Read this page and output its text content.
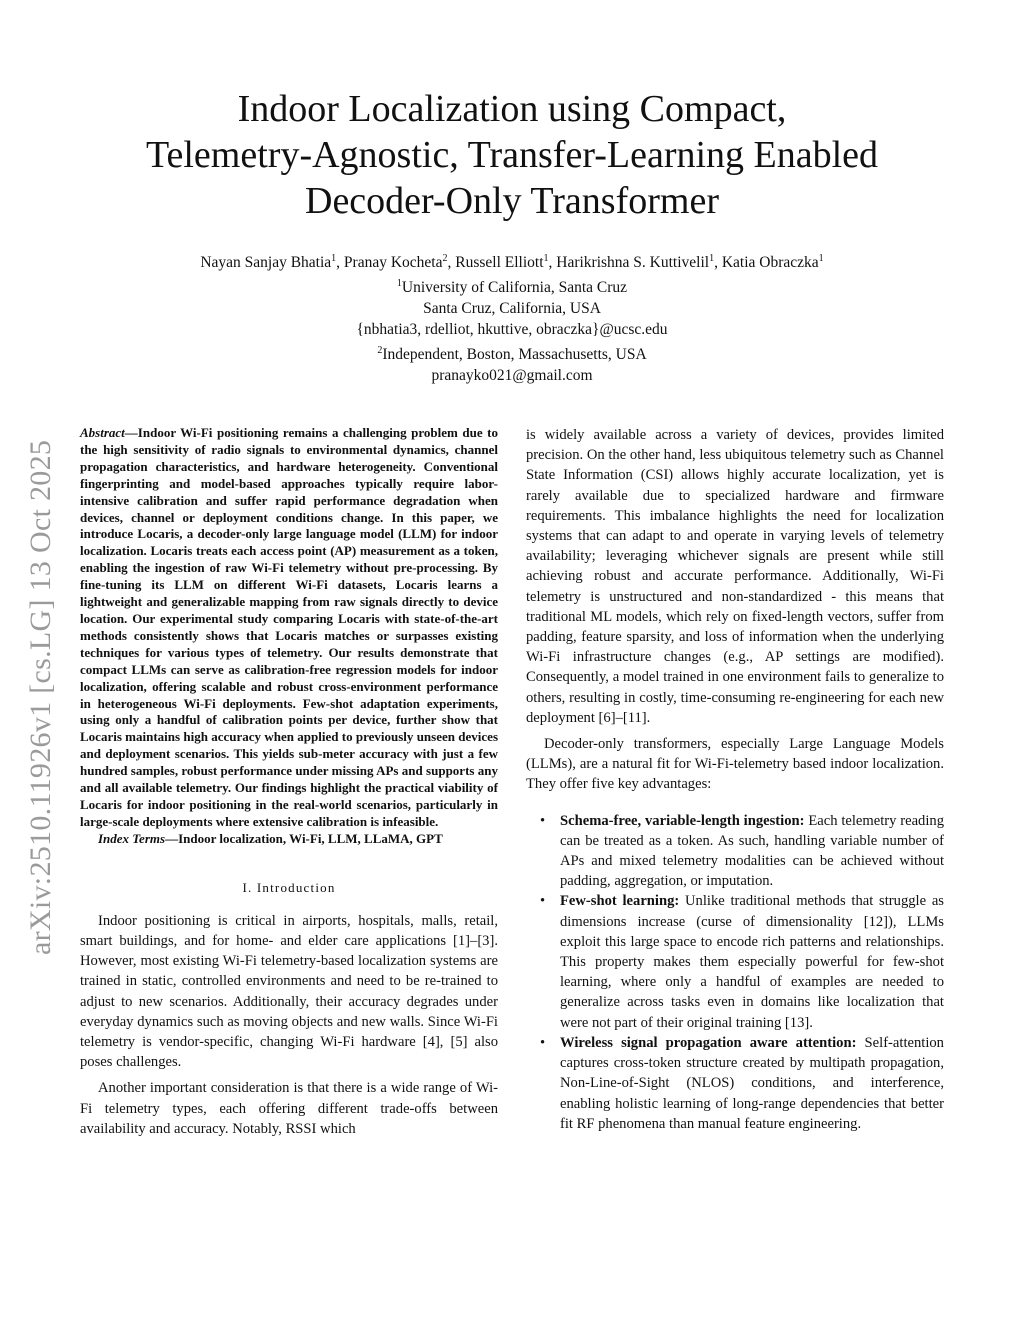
arXiv:2510.11926v1 [cs.LG] 13 Oct 2025
Indoor Localization using Compact,
Telemetry-Agnostic, Transfer-Learning Enabled
Decoder-Only Transformer
Nayan Sanjay Bhatia$^1$, Pranay Kocheta$^2$, Russell Elliott$^1$, Harikrishna S. Kuttivelil$^1$, Katia Obraczka$^1$
$^1$University of California, Santa Cruz
Santa Cruz, California, USA
{nbhatia3, rdelliot, hkuttive, obraczka}@ucsc.edu
$^2$Independent, Boston, Massachusetts, USA
pranayko021@gmail.com

Abstract—Indoor Wi-Fi positioning remains a challenging problem due to the high sensitivity of radio signals to environmental dynamics, channel propagation characteristics, and hardware heterogeneity. Conventional fingerprinting and model-based approaches typically require labor-intensive calibration and suffer rapid performance degradation when devices, channel or deployment conditions change. In this paper, we introduce Locaris, a decoder-only large language model (LLM) for indoor localization. Locaris treats each access point (AP) measurement as a token, enabling the ingestion of raw Wi-Fi telemetry without pre-processing. By fine-tuning its LLM on different Wi-Fi datasets, Locaris learns a lightweight and generalizable mapping from raw signals directly to device location. Our experimental study comparing Locaris with state-of-the-art methods consistently shows that Locaris matches or surpasses existing techniques for various types of telemetry. Our results demonstrate that compact LLMs can serve as calibration-free regression models for indoor localization, offering scalable and robust cross-environment performance in heterogeneous Wi-Fi deployments. Few-shot adaptation experiments, using only a handful of calibration points per device, further show that Locaris maintains high accuracy when applied to previously unseen devices and deployment scenarios. This yields sub-meter accuracy with just a few hundred samples, robust performance under missing APs and supports any and all available telemetry. Our findings highlight the practical viability of Locaris for indoor positioning in the real-world scenarios, particularly in large-scale deployments where extensive calibration is infeasible.

Index Terms—Indoor localization, Wi-Fi, LLM, LLaMA, GPT

I. Introduction

Indoor positioning is critical in airports, hospitals, malls, retail, smart buildings, and for home- and elder care applications [1]–[3]. However, most existing Wi-Fi telemetry-based localization systems are trained in static, controlled environments and need to be re-trained to adjust to new scenarios. Additionally, their accuracy degrades under everyday dynamics such as moving objects and new walls. Since Wi-Fi telemetry is vendor-specific, changing Wi-Fi hardware [4], [5] also poses challenges.

Another important consideration is that there is a wide range of Wi-Fi telemetry types, each offering different trade-offs between availability and accuracy. Notably, RSSI which

is widely available across a variety of devices, provides limited precision. On the other hand, less ubiquitous telemetry such as Channel State Information (CSI) allows highly accurate localization, yet is rarely available due to specialized hardware and firmware requirements. This imbalance highlights the need for localization systems that can adapt to and operate in varying levels of telemetry availability; leveraging whichever signals are present while still achieving robust and accurate performance. Additionally, Wi-Fi telemetry is unstructured and non-standardized - this means that traditional ML models, which rely on fixed-length vectors, suffer from padding, feature sparsity, and loss of information when the underlying Wi-Fi infrastructure changes (e.g., AP settings are modified). Consequently, a model trained in one environment fails to generalize to others, resulting in costly, time-consuming re-engineering for each new deployment [6]–[11].

Decoder-only transformers, especially Large Language Models (LLMs), are a natural fit for Wi-Fi-telemetry based indoor localization. They offer five key advantages:

• Schema-free, variable-length ingestion: Each telemetry reading can be treated as a token. As such, handling variable number of APs and mixed telemetry modalities can be achieved without padding, aggregation, or imputation.
• Few-shot learning: Unlike traditional methods that struggle as dimensions increase (curse of dimensionality [12]), LLMs exploit this large space to encode rich patterns and relationships. This property makes them especially powerful for few-shot learning, where only a handful of examples are needed to generalize across tasks even in domains like localization that were not part of their original training [13].
• Wireless signal propagation aware attention: Self-attention captures cross-token structure created by multipath propagation, Non-Line-of-Sight (NLOS) conditions, and interference, enabling holistic learning of long-range dependencies that better fit RF phenomena than manual feature engineering.
